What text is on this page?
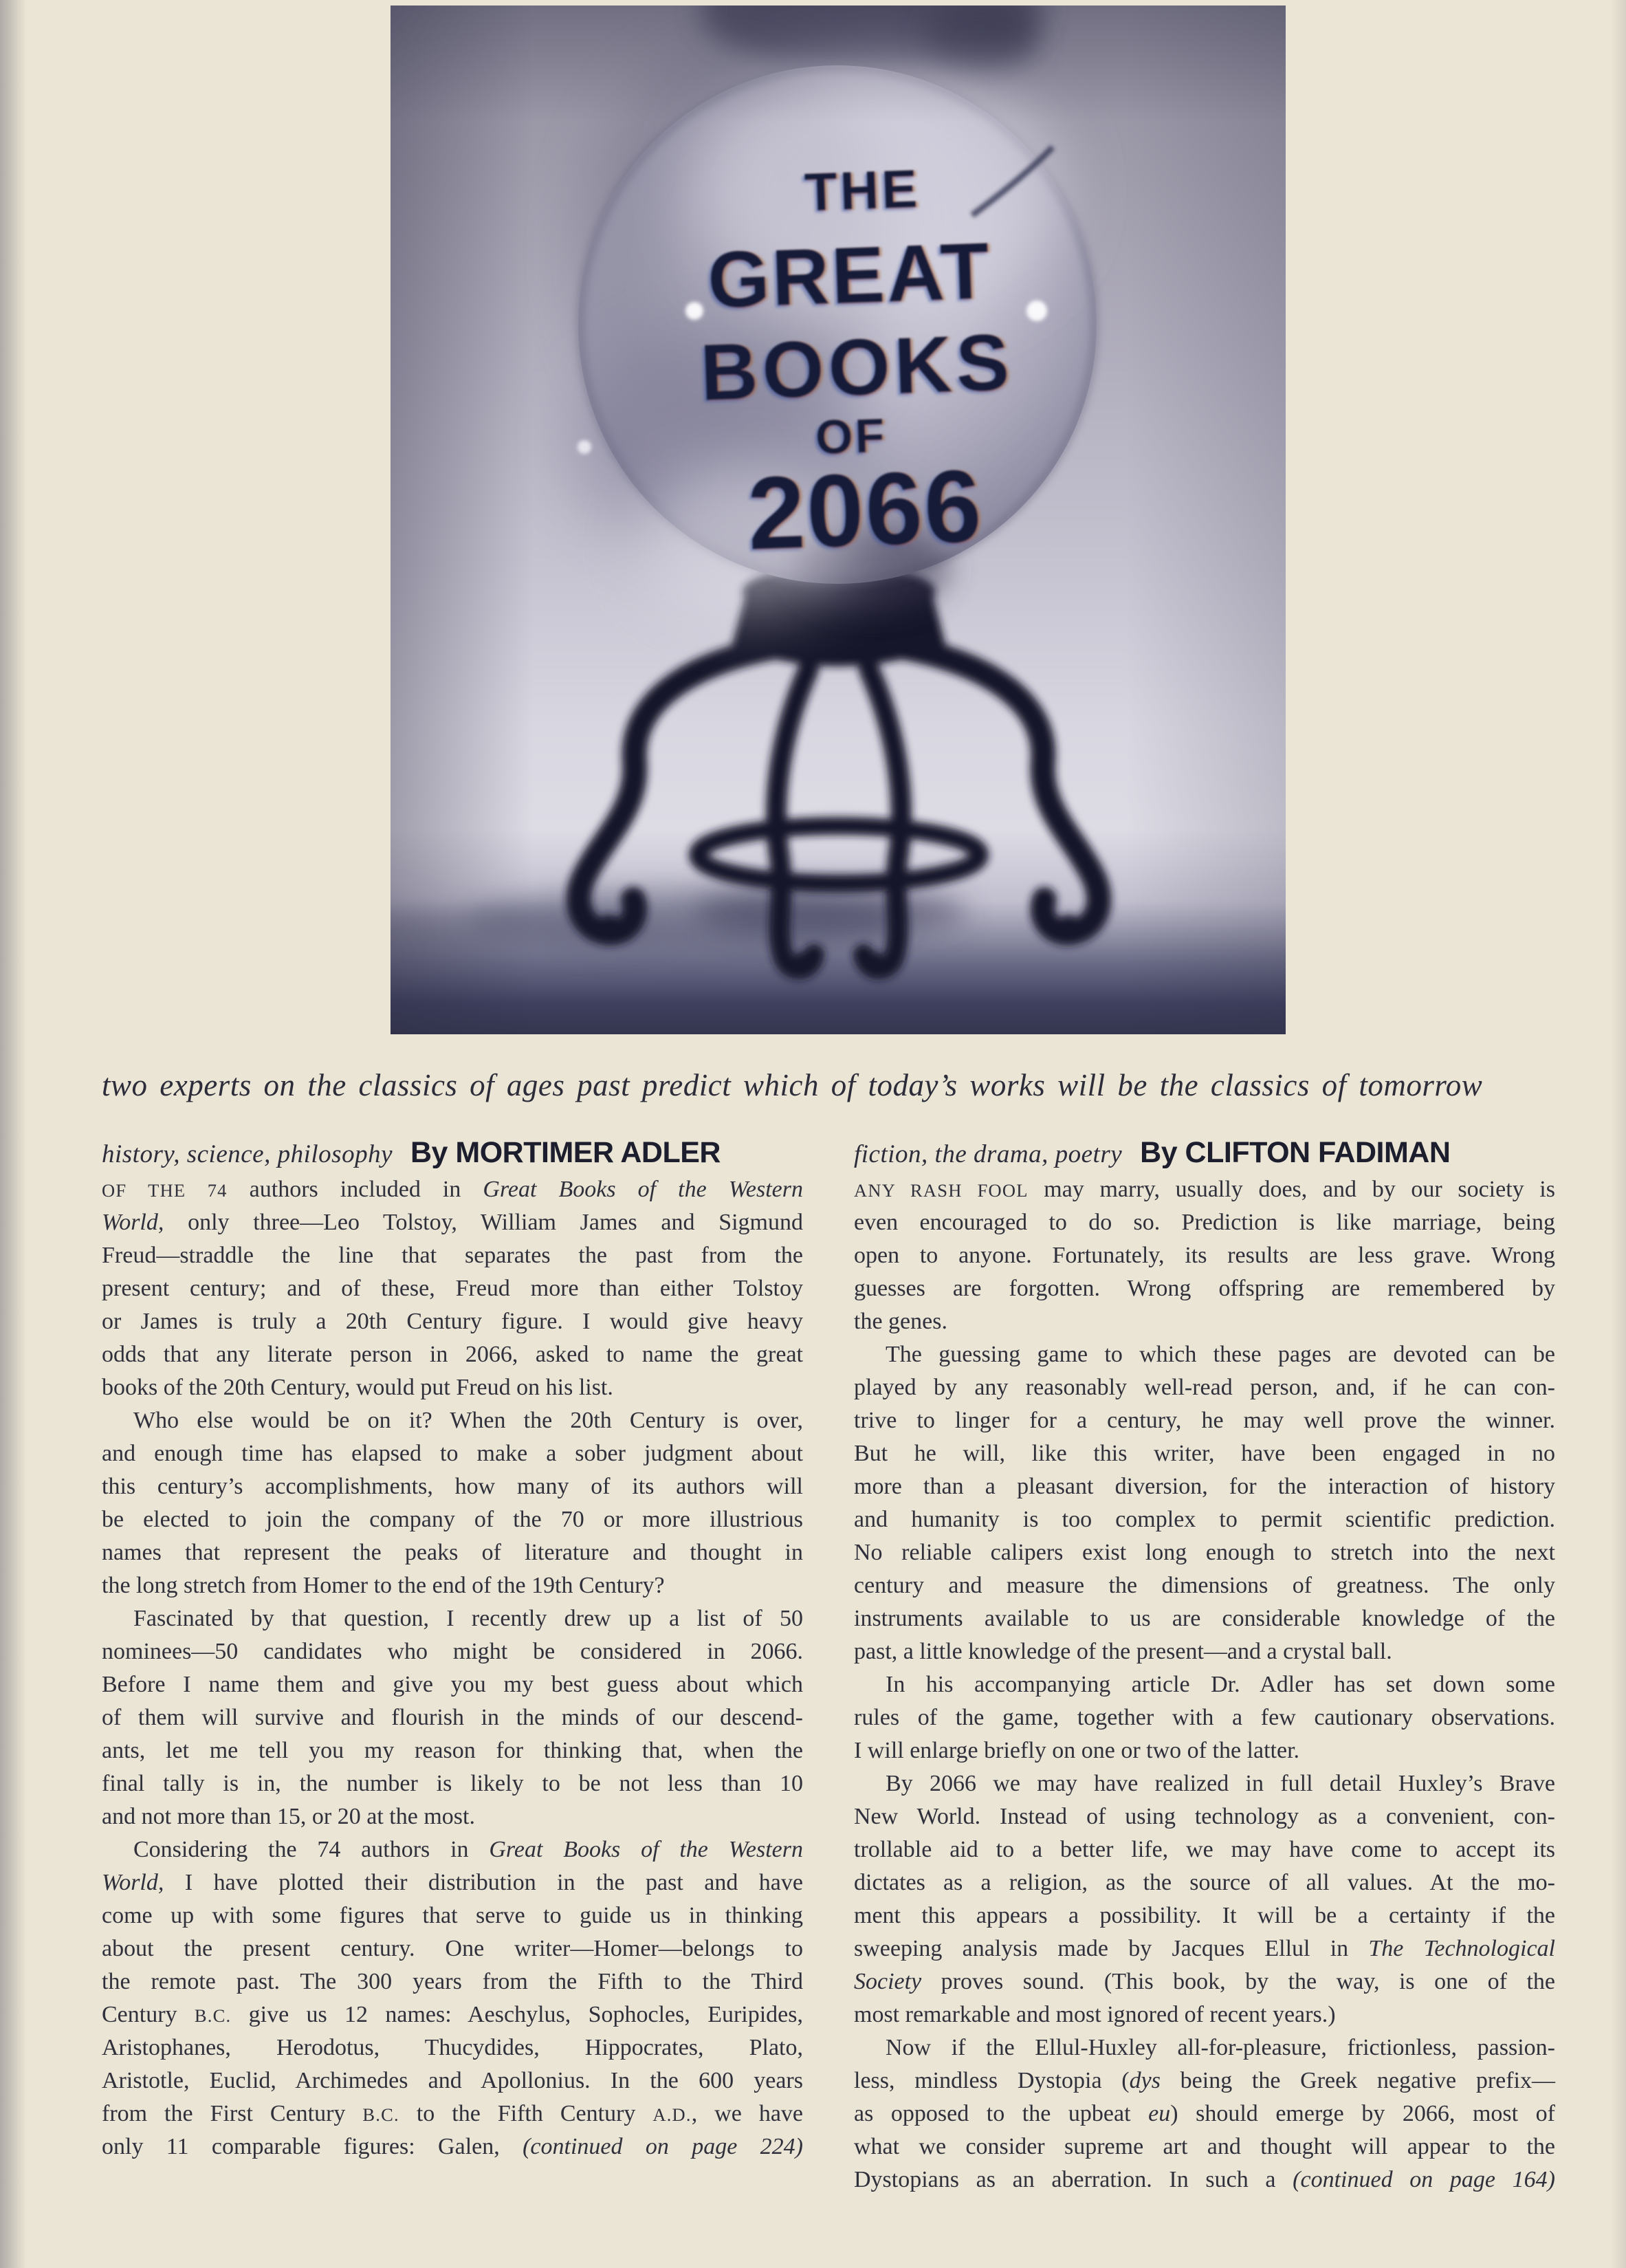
two experts on the classics of ages past predict which of today’s works will be the classics of tomorrow
history, science, philosophy By MORTIMER ADLER	fiction, the drama, poetry By CLIFTON FADIMAN
OF THE 74 authors included in Great Books of the Western
World, only three—Leo Tolstoy, William James and Sigmund
Freud—straddle the line that separates the past from the
present century; and of these, Freud more than either Tolstoy
or James is truly a 20th Century figure. I would give heavy
odds that any literate person in 2066, asked to name the great
books of the 20th Century, would put Freud on his list.
Who else would be on it? When the 20th Century is over,
and enough time has elapsed to make a sober judgment about
this century’s accomplishments, how many of its authors will
be elected to join the company of the 70 or more illustrious
names that represent the peaks of literature and thought in
the long stretch from Homer to the end of the 19th Century?
Fascinated by that question, I recently drew up a list of 50
nominees—50 candidates who might be considered in 2066.
Before I name them and give you my best guess about which
of them will survive and flourish in the minds of our descend-
ants, let me tell you my reason for thinking that, when the
final tally is in, the number is likely to be not less than 10
and not more than 15, or 20 at the most.
Considering the 74 authors in Great Books of the Western
World, I have plotted their distribution in the past and have
come up with some figures that serve to guide us in thinking
about the present century. One writer—Homer—belongs to
the remote past. The 300 years from the Fifth to the Third
Century B.C. give us 12 names: Aeschylus, Sophocles, Euripides,
Aristophanes, Herodotus, Thucydides, Hippocrates, Plato,
Aristotle, Euclid, Archimedes and Apollonius. In the 600 years
from the First Century B.C. to the Fifth Century A.D., we have
only 11 comparable figures: Galen, (continued on page 224)
ANY RASH FOOL may marry, usually does, and by our society is
even encouraged to do so. Prediction is like marriage, being
open to anyone. Fortunately, its results are less grave. Wrong
guesses are forgotten. Wrong offspring are remembered by
the genes.
The guessing game to which these pages are devoted can be
played by any reasonably well-read person, and, if he can con-
trive to linger for a century, he may well prove the winner.
But he will, like this writer, have been engaged in no
more than a pleasant diversion, for the interaction of history
and humanity is too complex to permit scientific prediction.
No reliable calipers exist long enough to stretch into the next
century and measure the dimensions of greatness. The only
instruments available to us are considerable knowledge of the
past, a little knowledge of the present—and a crystal ball.
In his accompanying article Dr. Adler has set down some
rules of the game, together with a few cautionary observations.
I will enlarge briefly on one or two of the latter.
By 2066 we may have realized in full detail Huxley’s Brave
New World. Instead of using technology as a convenient, con-
trollable aid to a better life, we may have come to accept its
dictates as a religion, as the source of all values. At the mo-
ment this appears a possibility. It will be a certainty if the
sweeping analysis made by Jacques Ellul in The Technological
Society proves sound. (This book, by the way, is one of the
most remarkable and most ignored of recent years.)
Now if the Ellul-Huxley all-for-pleasure, frictionless, passion-
less, mindless Dystopia (dys being the Greek negative prefix—
as opposed to the upbeat eu) should emerge by 2066, most of
what we consider supreme art and thought will appear to the
Dystopians as an aberration. In such a (continued on page 164)
